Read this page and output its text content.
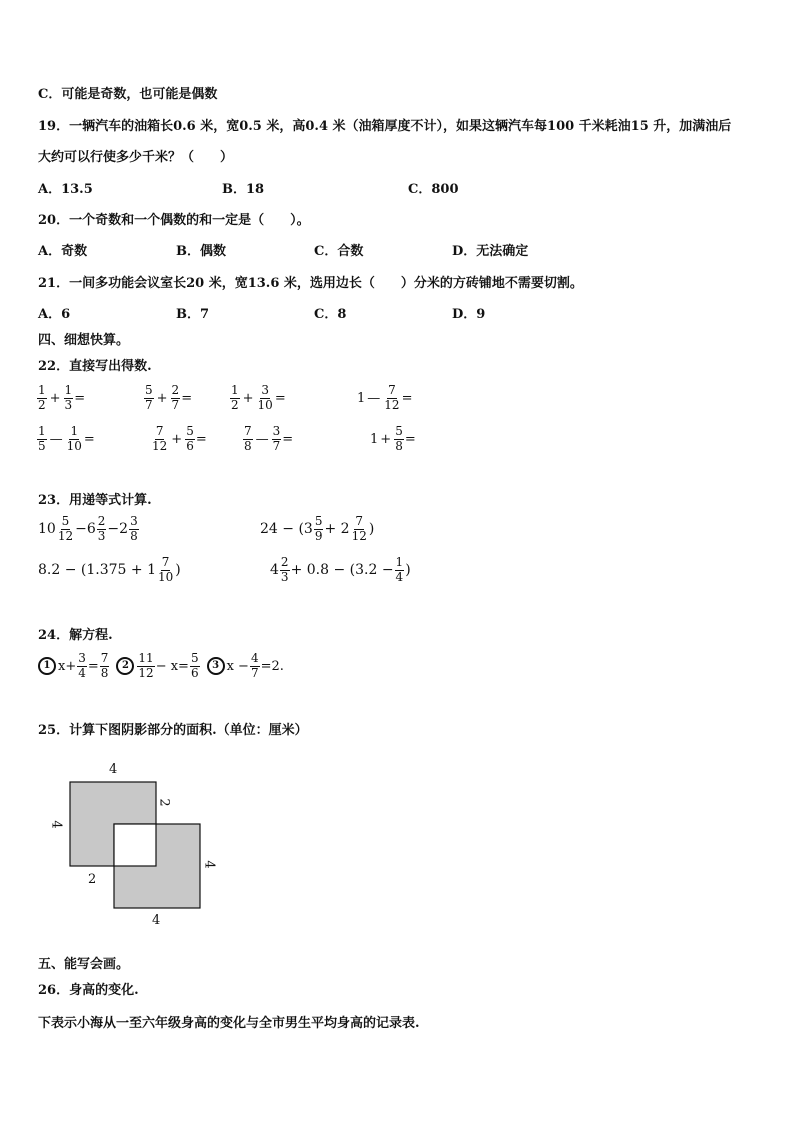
C．可能是奇数，也可能是偶数
19．一辆汽车的油箱长0.6 米，宽0.5 米，高0.4 米（油箱厚度不计），如果这辆汽车每100 千米耗油15 升，加满油后
大约可以行使多少千米？（　　）
A．13.5	B．18	C．800
20．一个奇数和一个偶数的和一定是（　　）。
A．奇数	B．偶数	C．合数	D．无法确定
21．一间多功能会议室长20 米，宽13.6 米，选用边长（　　）分米的方砖铺地不需要切割。
A．6	B．7	C．8	D．9
四、细想快算。
22．直接写出得数.
$\frac{1}{2} + \frac{1}{3}$ =	$\frac{5}{7} + \frac{2}{7}$ =	$\frac{1}{2} + \frac{3}{10}$ =	1 — $\frac{7}{12}$ =
$\frac{1}{5}$ — $\frac{1}{10}$ =	$\frac{7}{12} + \frac{5}{6}$ =	$\frac{7}{8}$ — $\frac{3}{7}$ =	$1 + \frac{5}{8}$ =
23．用递等式计算.
$10 \frac{5}{12} - 6 \frac{2}{3} - 2 \frac{3}{8}$	$24 - (3 \frac{5}{9} + 2 \frac{7}{12}$ )
$8.2 - (1.375 + 1 \frac{7}{10}$ )	$4 \frac{2}{3} + 0.8 - (3.2 - \frac{1}{4}$ )
24．解方程.
1 $x+ \frac{3}{4} = \frac{7}{8}$	$2 \frac{11}{12} - x= \frac{5}{6}$	3 $x - \frac{4}{7} =2$.
25．计算下图阴影部分的面积.（单位：厘米）
4
2
4
2
4
4
五、能写会画。
26．身高的变化.
下表示小海从一至六年级身高的变化与全市男生平均身高的记录表.
